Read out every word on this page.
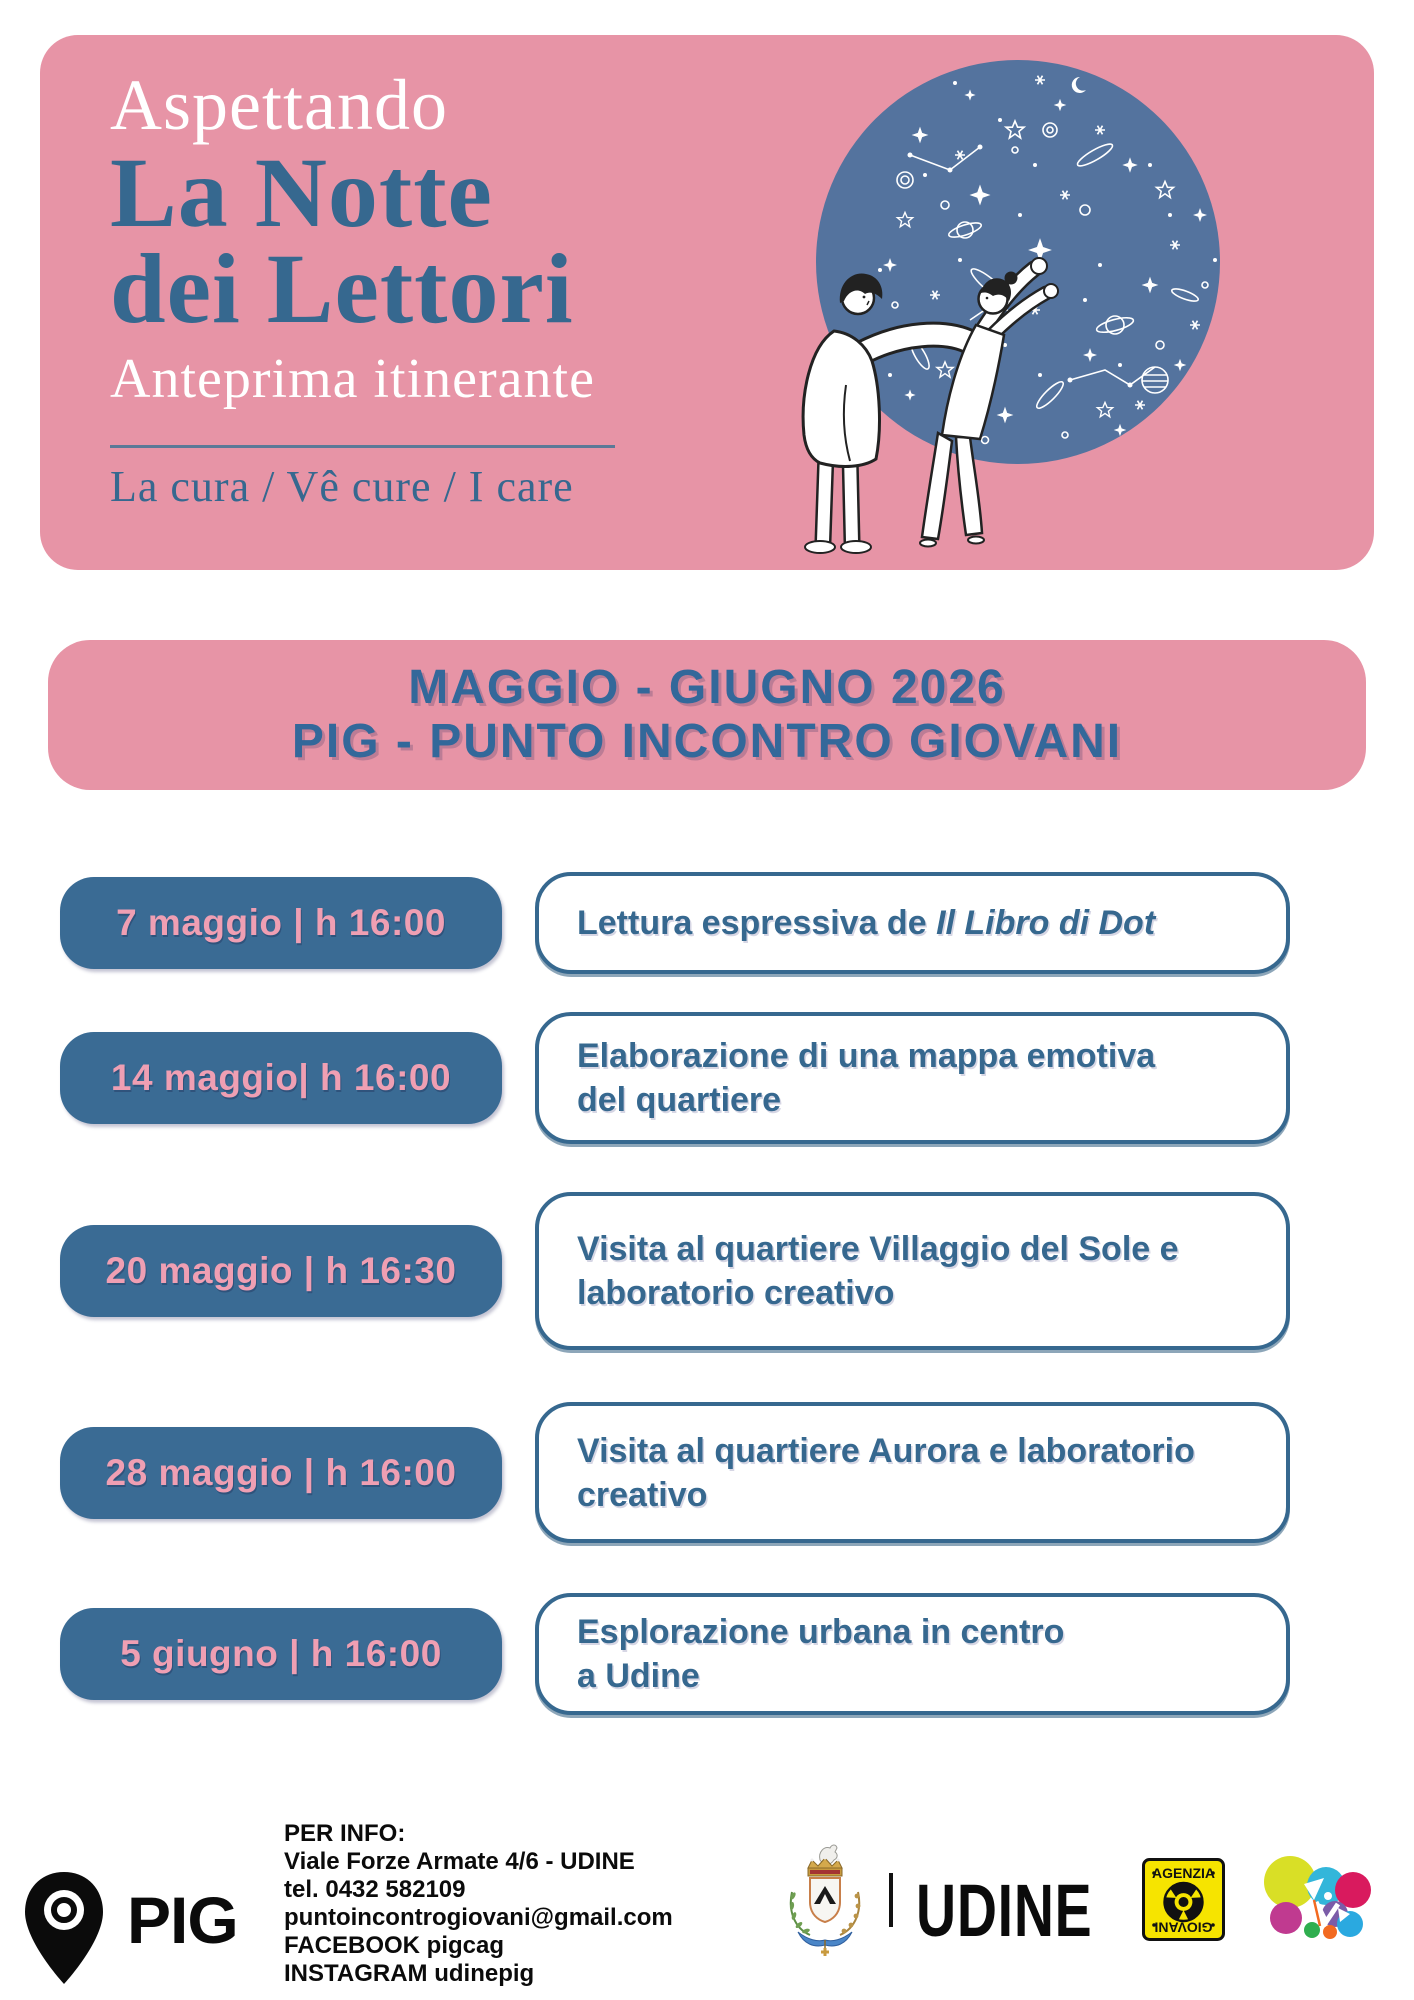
Aspettando
La Notte
dei Lettori
Anteprima itinerante
La cura / Vê cure / I care
MAGGIO - GIUGNO 2026
PIG - PUNTO INCONTRO GIOVANI
7 maggio | h 16:00	Lettura espressiva de Il Libro di Dot
14 maggio| h 16:00
Elaborazione di una mappa emotiva
del quartiere
20 maggio | h 16:30
Visita al quartiere Villaggio del Sole e
laboratorio creativo
28 maggio | h 16:00
Visita al quartiere Aurora e laboratorio
creativo
5 giugno | h 16:00
Esplorazione urbana in centro
a Udine
PIG
PER INFO:
Viale Forze Armate 4/6 - UDINE
tel. 0432 582109
puntoincontrogiovani@gmail.com
FACEBOOK pigcag
INSTAGRAM udinepig
UDINE	AGENZIA
GIOVANI
